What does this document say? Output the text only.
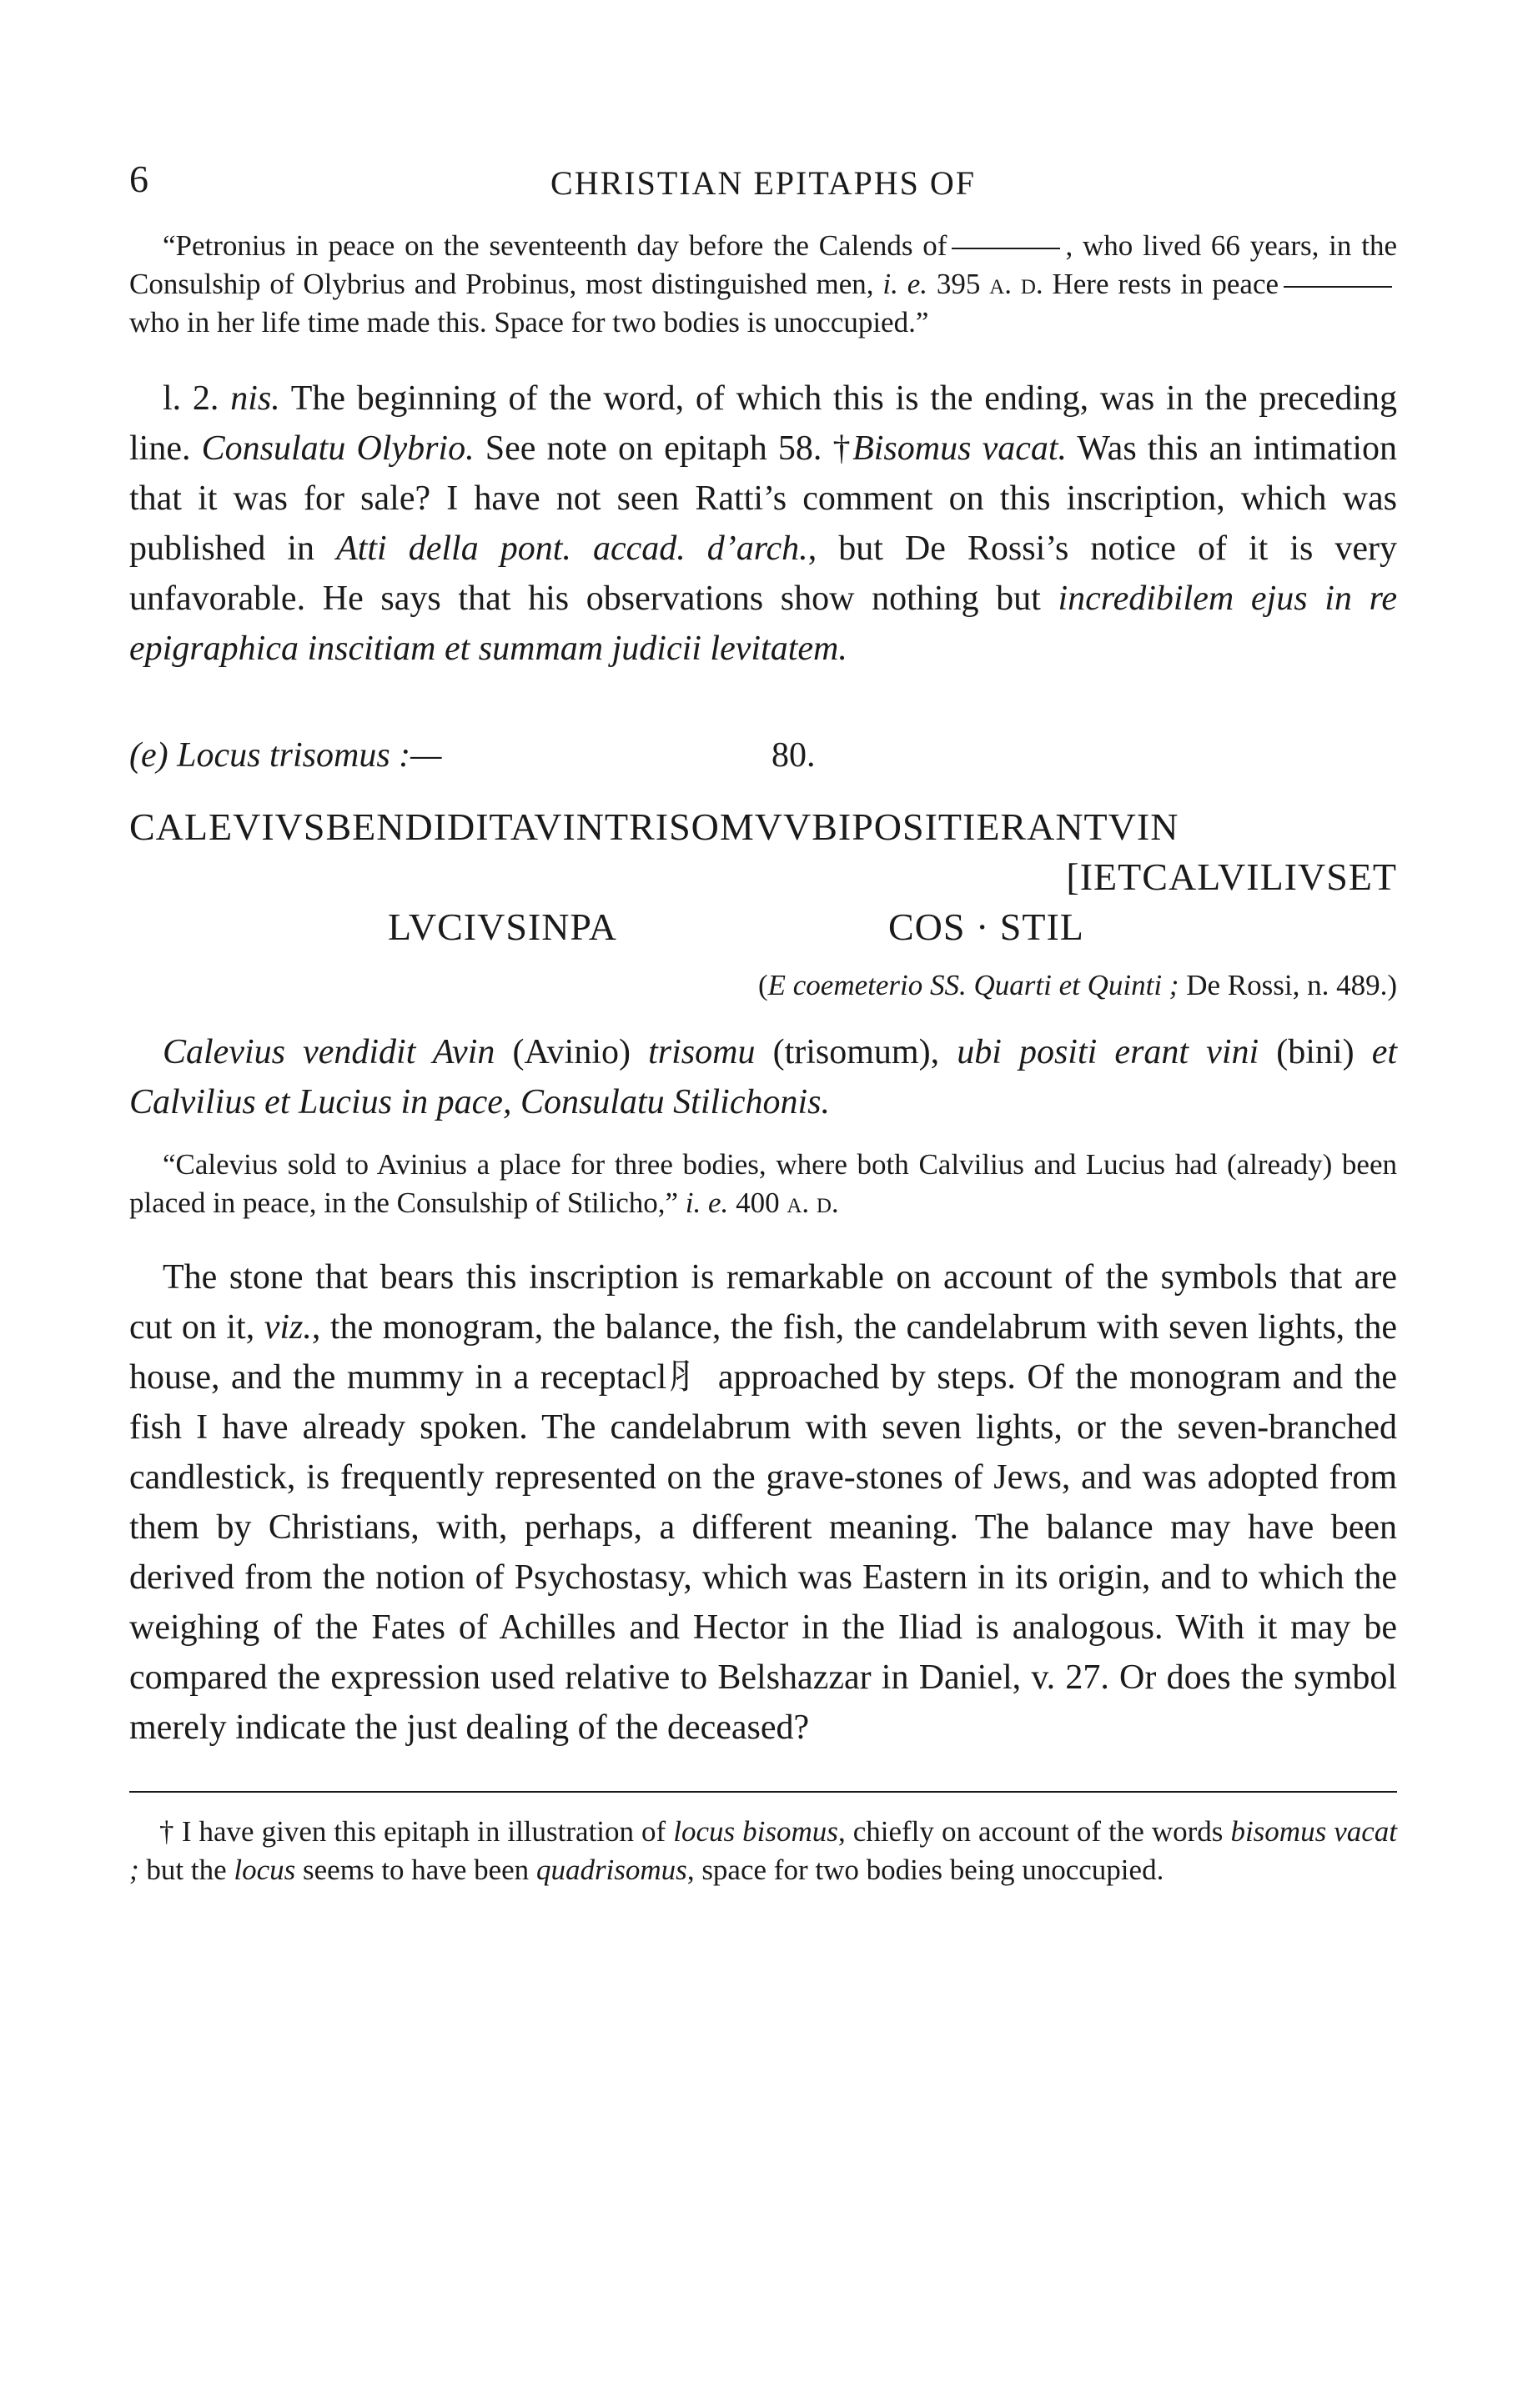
6	CHRISTIAN EPITAPHS OF

“Petronius in peace on the seventeenth day before the Calends of	, who lived 66 years, in the Consulship of Olybrius and Probinus, most distinguished men, i. e. 395 a. d. Here rests in peacewho in her life time made this. Space for two bodies is unoccupied.”

l. 2. nis. The beginning of the word, of which this is the ending, was in the preceding line. Consulatu Olybrio. See note on epitaph 58. †Bisomus vacat. Was this an intimation that it was for sale? I have not seen Ratti’s comment on this inscription, which was published in Atti della pont. accad. d’arch., but De Rossi’s notice of it is very unfavorable. He says that his observations show nothing but incredibilem ejus in re epigraphica inscitiam et summam judicii levitatem.

(e) Locus trisomus :—	80.
CALEVIVSBENDIDITAVINTRISOMVVBIPOSITIERANTVIN
[IETCALVILIVSET
LVCIVSINPA	COS · STIL
(E coemeterio SS. Quarti et Quinti ; De Rossi, n. 489.)

Calevius vendidit Avin (Avinio) trisomu (trisomum), ubi positi erant vini (bini) et Calvilius et Lucius in pace, Consulatu Stilichonis.

“Calevius sold to Avinius a place for three bodies, where both Calvilius and Lucius had (already) been placed in peace, in the Consulship of Stilicho,” i. e. 400 a. d.

The stone that bears this inscription is remarkable on account of the symbols that are cut on it, viz., the monogram, the balance, the fish, the candelabrum with seven lights, the house, and the mummy in a receptacl⺼ approached by steps. Of the monogram and the fish I have already spoken. The candelabrum with seven lights, or the seven-branched candlestick, is frequently represented on the grave-stones of Jews, and was adopted from them by Christians, with, perhaps, a different meaning. The balance may have been derived from the notion of Psychostasy, which was Eastern in its origin, and to which the weighing of the Fates of Achilles and Hector in the Iliad is analogous. With it may be compared the expression used relative to Belshazzar in Daniel, v. 27. Or does the symbol merely indicate the just dealing of the deceased?

† I have given this epitaph in illustration of locus bisomus, chiefly on account of the words bisomus vacat ; but the locus seems to have been quadrisomus, space for two bodies being unoccupied.
